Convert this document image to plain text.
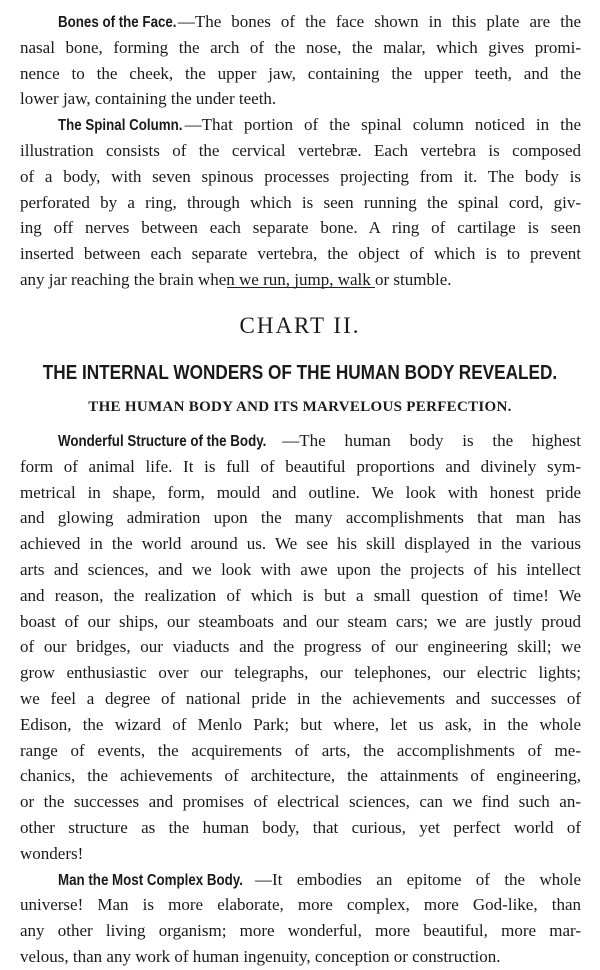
Bones of the Face.—The bones of the face shown in this plate are the
nasal bone, forming the arch of the nose, the malar, which gives promi-
nence to the cheek, the upper jaw, containing the upper teeth, and the
lower jaw, containing the under teeth.
The Spinal Column. —That portion of the spinal column noticed in the
illustration consists of the cervical vertebræ. Each vertebra is composed
of a body, with seven spinous processes projecting from it. The body is
perforated by a ring, through which is seen running the spinal cord, giv-
ing off nerves between each separate bone. A ring of cartilage is seen
inserted between each separate vertebra, the object of which is to prevent
any jar reaching the brain when we run, jump, walk or stumble.
CHART II.
THE INTERNAL WONDERS OF THE HUMAN BODY REVEALED.
THE HUMAN BODY AND ITS MARVELOUS PERFECTION.
Wonderful Structure of the Body. —The human body is the highest
form of animal life. It is full of beautiful proportions and divinely sym-
metrical in shape, form, mould and outline. We look with honest pride
and glowing admiration upon the many accomplishments that man has
achieved in the world around us. We see his skill displayed in the various
arts and sciences, and we look with awe upon the projects of his intellect
and reason, the realization of which is but a small question of time! We
boast of our ships, our steamboats and our steam cars; we are justly proud
of our bridges, our viaducts and the progress of our engineering skill; we
grow enthusiastic over our telegraphs, our telephones, our electric lights;
we feel a degree of national pride in the achievements and successes of
Edison, the wizard of Menlo Park; but where, let us ask, in the whole
range of events, the acquirements of arts, the accomplishments of me-
chanics, the achievements of architecture, the attainments of engineering,
or the successes and promises of electrical sciences, can we find such an-
other structure as the human body, that curious, yet perfect world of
wonders!
Man the Most Complex Body. —It embodies an epitome of the whole
universe! Man is more elaborate, more complex, more God-like, than
any other living organism; more wonderful, more beautiful, more mar-
velous, than any work of human ingenuity, conception or construction.
